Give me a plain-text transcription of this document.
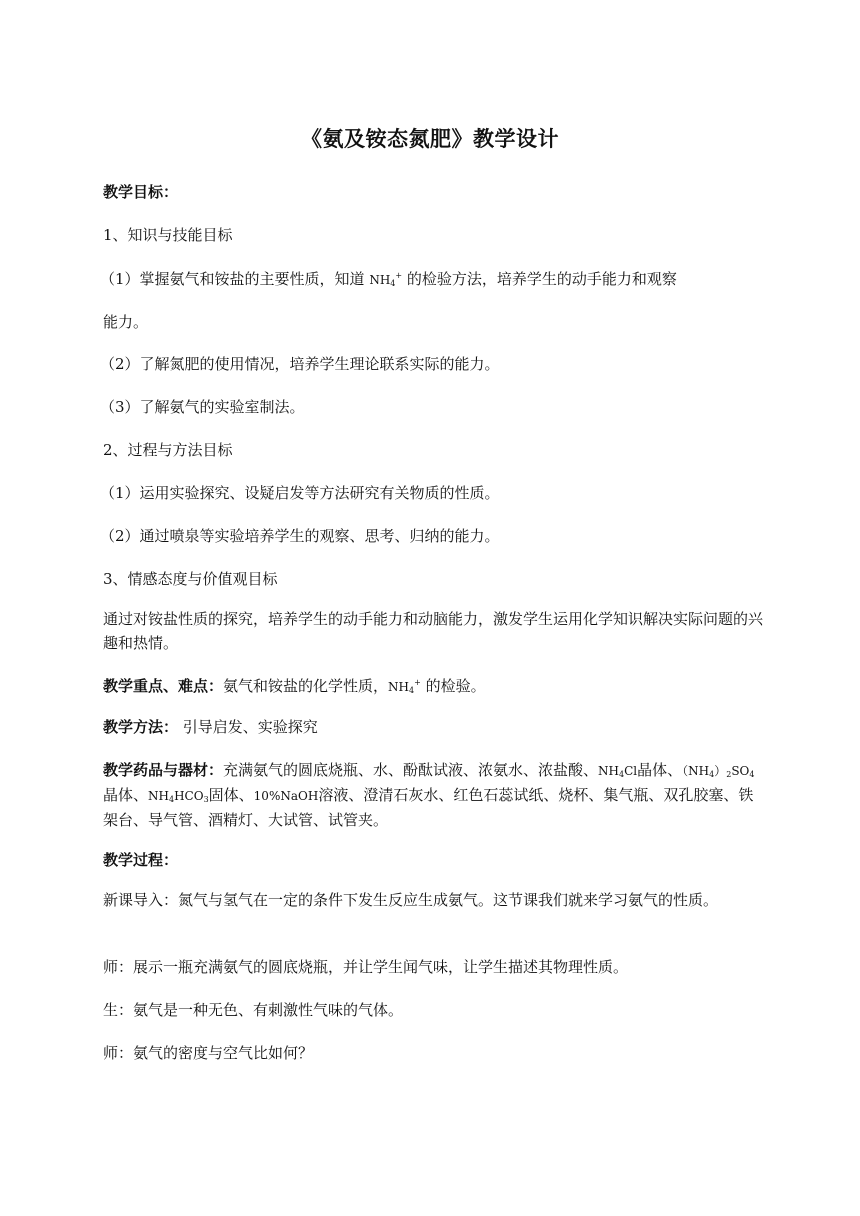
《氨及铵态氮肥》教学设计
教学目标：
1、知识与技能目标
（1）掌握氨气和铵盐的主要性质，知道 $NH_4^+$ 的检验方法，培养学生的动手能力和观察
能力。
（2）了解氮肥的使用情况，培养学生理论联系实际的能力。
（3）了解氨气的实验室制法。
2、过程与方法目标
（1）运用实验探究、设疑启发等方法研究有关物质的性质。
（2）通过喷泉等实验培养学生的观察、思考、归纳的能力。
3、情感态度与价值观目标
通过对铵盐性质的探究，培养学生的动手能力和动脑能力，激发学生运用化学知识解决实际问题的兴趣和热情。
教学重点、难点：氨气和铵盐的化学性质，$NH_4^+$ 的检验。
教学方法： 引导启发、实验探究
教学药品与器材：充满氨气的圆底烧瓶、水、酚酞试液、浓氨水、浓盐酸、$NH_4Cl$晶体、$(NH_4)_2SO_4$晶体、$NH_4HCO_3$固体、10%NaOH溶液、澄清石灰水、红色石蕊试纸、烧杯、集气瓶、双孔胶塞、铁架台、导气管、酒精灯、大试管、试管夹。
教学过程：
新课导入：氮气与氢气在一定的条件下发生反应生成氨气。这节课我们就来学习氨气的性质。
师：展示一瓶充满氨气的圆底烧瓶，并让学生闻气味，让学生描述其物理性质。
生：氨气是一种无色、有刺激性气味的气体。
师：氨气的密度与空气比如何？
